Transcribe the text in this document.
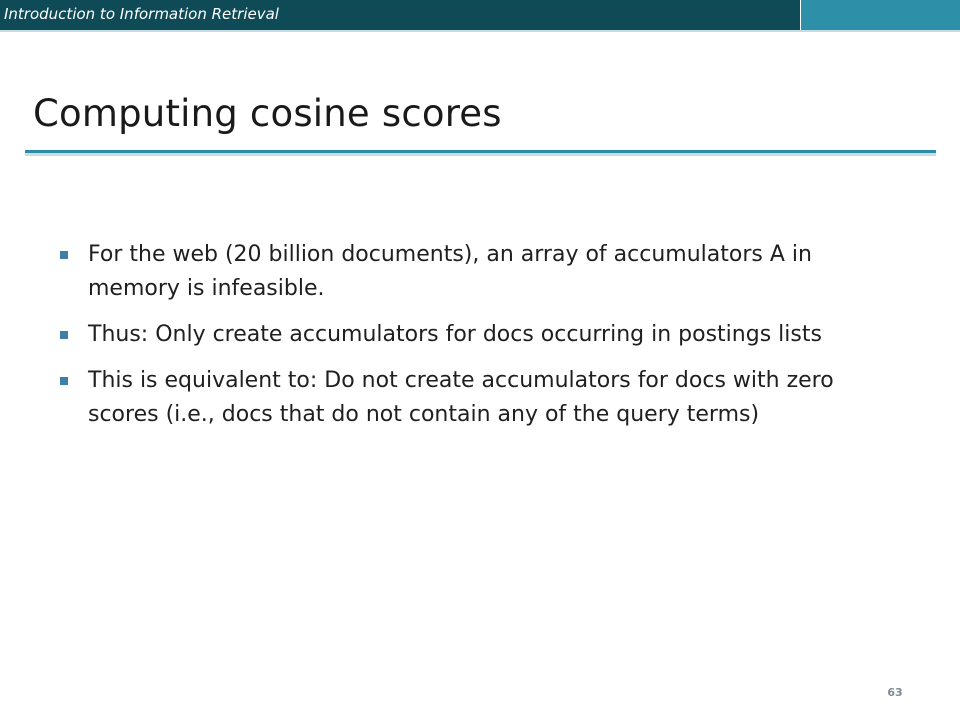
Introduction to Information Retrieval
Computing cosine scores
For the web (20 billion documents), an array of accumulators A in memory is infeasible.
Thus: Only create accumulators for docs occurring in postings lists
This is equivalent to: Do not create accumulators for docs with zero scores (i.e., docs that do not contain any of the query terms)
63
